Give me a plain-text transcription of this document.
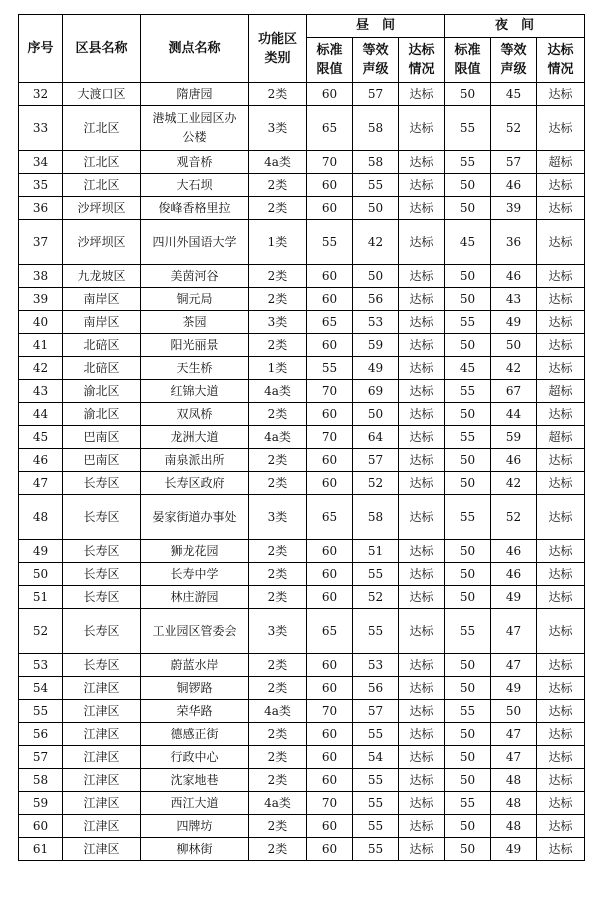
序号	区县名称	测点名称	功能区类别	昼　间			夜　间		
				标准限值	等效声级	达标情况	标准限值	等效声级	达标情况
32	大渡口区	隋唐园	2类	60	57	达标	50	45	达标
33	江北区	港城工业园区办公楼	3类	65	58	达标	55	52	达标
34	江北区	观音桥	4a类	70	58	达标	55	57	超标
35	江北区	大石坝	2类	60	55	达标	50	46	达标
36	沙坪坝区	俊峰香格里拉	2类	60	50	达标	50	39	达标
37	沙坪坝区	四川外国语大学	1类	55	42	达标	45	36	达标
38	九龙坡区	美茵河谷	2类	60	50	达标	50	46	达标
39	南岸区	铜元局	2类	60	56	达标	50	43	达标
40	南岸区	茶园	3类	65	53	达标	55	49	达标
41	北碚区	阳光丽景	2类	60	59	达标	50	50	达标
42	北碚区	天生桥	1类	55	49	达标	45	42	达标
43	渝北区	红锦大道	4a类	70	69	达标	55	67	超标
44	渝北区	双凤桥	2类	60	50	达标	50	44	达标
45	巴南区	龙洲大道	4a类	70	64	达标	55	59	超标
46	巴南区	南泉派出所	2类	60	57	达标	50	46	达标
47	长寿区	长寿区政府	2类	60	52	达标	50	42	达标
48	长寿区	晏家街道办事处	3类	65	58	达标	55	52	达标
49	长寿区	狮龙花园	2类	60	51	达标	50	46	达标
50	长寿区	长寿中学	2类	60	55	达标	50	46	达标
51	长寿区	林庄游园	2类	60	52	达标	50	49	达标
52	长寿区	工业园区管委会	3类	65	55	达标	55	47	达标
53	长寿区	蔚蓝水岸	2类	60	53	达标	50	47	达标
54	江津区	铜锣路	2类	60	56	达标	50	49	达标
55	江津区	荣华路	4a类	70	57	达标	55	50	达标
56	江津区	德感正街	2类	60	55	达标	50	47	达标
57	江津区	行政中心	2类	60	54	达标	50	47	达标
58	江津区	沈家地巷	2类	60	55	达标	50	48	达标
59	江津区	西江大道	4a类	70	55	达标	55	48	达标
60	江津区	四牌坊	2类	60	55	达标	50	48	达标
61	江津区	柳林街	2类	60	55	达标	50	49	达标
